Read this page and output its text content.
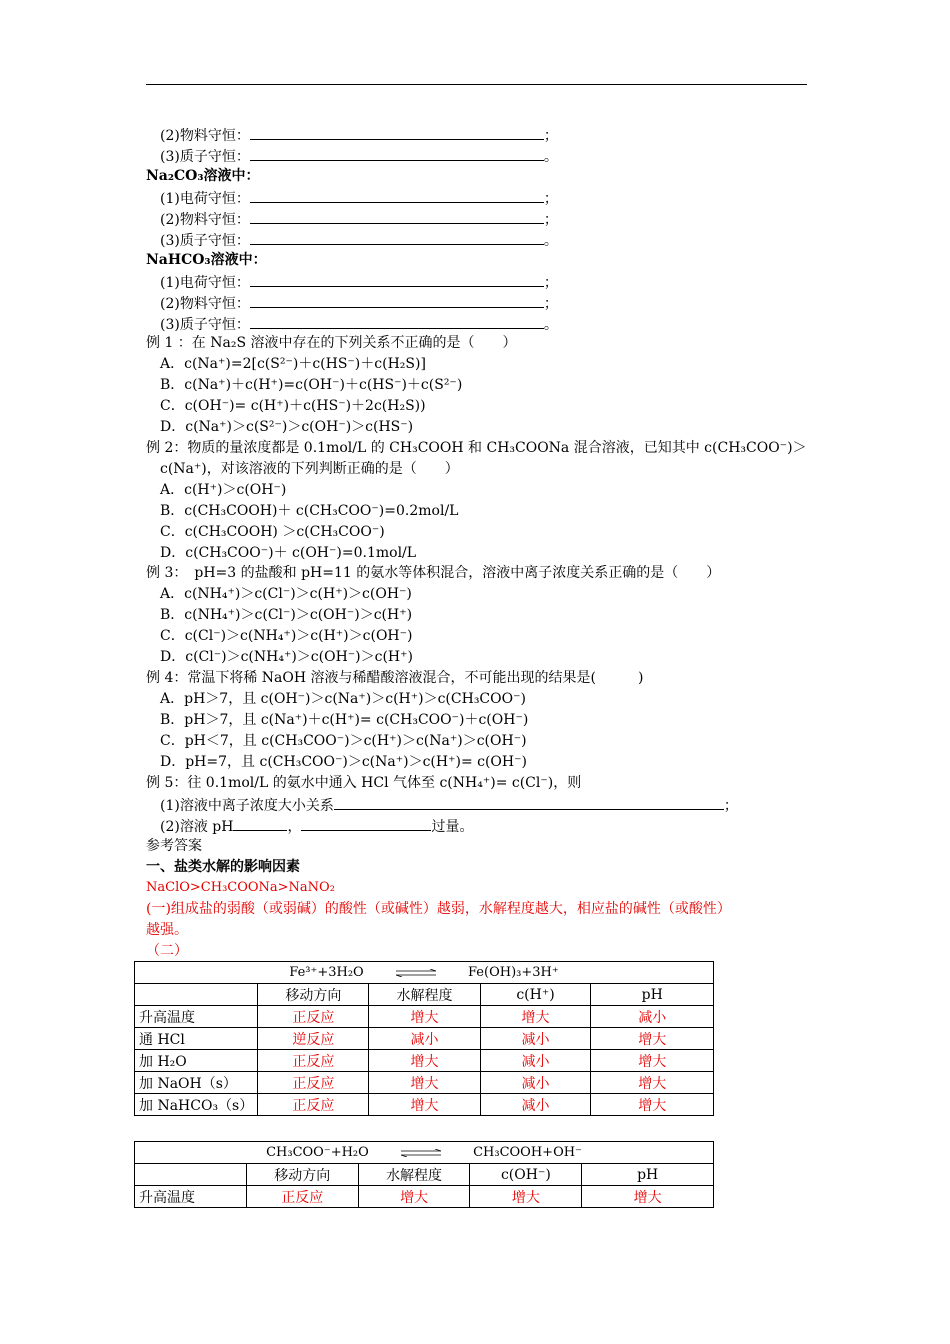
(2)物料守恒：	；
(3)质子守恒：	。
Na₂CO₃溶液中：
(1)电荷守恒：	；
(2)物料守恒：	；
(3)质子守恒：	。
NaHCO₃溶液中：
(1)电荷守恒：	；
(2)物料守恒：	；
(3)质子守恒：	。
例 1 ：在 Na₂S 溶液中存在的下列关系不正确的是（　　）
A．c(Na⁺)=2[c(S²⁻)＋c(HS⁻)＋c(H₂S)]
B．c(Na⁺)＋c(H⁺)=c(OH⁻)＋c(HS⁻)＋c(S²⁻)
C．c(OH⁻)= c(H⁺)＋c(HS⁻)＋2c(H₂S))
D．c(Na⁺)＞c(S²⁻)＞c(OH⁻)＞c(HS⁻)
例 2：物质的量浓度都是 0.1mol/L 的 CH₃COOH 和 CH₃COONa 混合溶液，已知其中 c(CH₃COO⁻)＞
c(Na⁺)，对该溶液的下列判断正确的是（　　）
A．c(H⁺)＞c(OH⁻)
B．c(CH₃COOH)＋ c(CH₃COO⁻)=0.2mol/L
C．c(CH₃COOH) ＞c(CH₃COO⁻)
D．c(CH₃COO⁻)＋ c(OH⁻)=0.1mol/L
例 3：　pH=3 的盐酸和 pH=11 的氨水等体积混合，溶液中离子浓度关系正确的是（　　）
A．c(NH₄⁺)＞c(Cl⁻)＞c(H⁺)＞c(OH⁻)
B．c(NH₄⁺)＞c(Cl⁻)＞c(OH⁻)＞c(H⁺)
C．c(Cl⁻)＞c(NH₄⁺)＞c(H⁺)＞c(OH⁻)
D．c(Cl⁻)＞c(NH₄⁺)＞c(OH⁻)＞c(H⁺)
例 4：常温下将稀 NaOH 溶液与稀醋酸溶液混合，不可能出现的结果是(　　　)
A．pH＞7，且 c(OH⁻)＞c(Na⁺)＞c(H⁺)＞c(CH₃COO⁻)
B．pH＞7，且 c(Na⁺)＋c(H⁺)= c(CH₃COO⁻)＋c(OH⁻)
C．pH＜7，且 c(CH₃COO⁻)＞c(H⁺)＞c(Na⁺)＞c(OH⁻)
D．pH=7，且 c(CH₃COO⁻)＞c(Na⁺)＞c(H⁺)= c(OH⁻)
例 5：往 0.1mol/L 的氨水中通入 HCl 气体至 c(NH₄⁺)= c(Cl⁻)，则
(1)溶液中离子浓度大小关系	；
(2)溶液 pH	，	过量。
参考答案
一、盐类水解的影响因素
NaClO>CH₃COONa>NaNO₂
(一)组成盐的弱酸（或弱碱）的酸性（或碱性）越弱，水解程度越大，相应盐的碱性（或酸性）
越强。
（二）
Fe³⁺+3H₂O Fe(OH)₃+3H⁺				
	移动方向	水解程度	c(H⁺)	pH
升高温度	正反应	增大	增大	减小
通 HCl	逆反应	减小	减小	增大
加 H₂O	正反应	增大	减小	增大
加 NaOH（s）	正反应	增大	减小	增大
加 NaHCO₃（s）	正反应	增大	减小	增大
CH₃COO⁻+H₂O CH₃COOH+OH⁻				
	移动方向	水解程度	c(OH⁻)	pH
升高温度	正反应	增大	增大	增大
